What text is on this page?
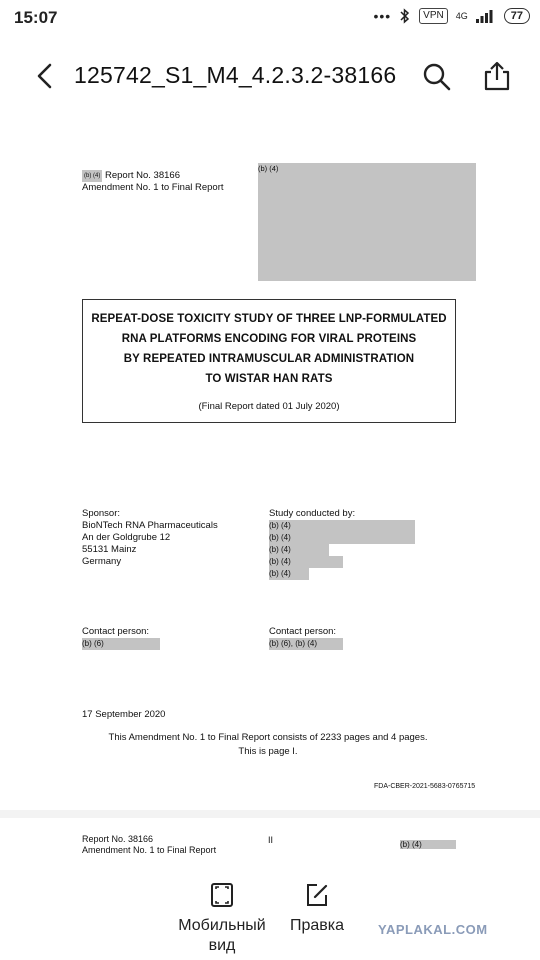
15:07	•••	VPN	4G	77
125742_S1_M4_4.2.3.2-38166
(b) (4) Report No. 38166
Amendment No. 1 to Final Report
(b) (4)
REPEAT-DOSE TOXICITY STUDY OF THREE LNP-FORMULATED
RNA PLATFORMS ENCODING FOR VIRAL PROTEINS
BY REPEATED INTRAMUSCULAR ADMINISTRATION
TO WISTAR HAN RATS
(Final Report dated 01 July 2020)
Sponsor:
BioNTech RNA Pharmaceuticals
An der Goldgrube 12
55131 Mainz
Germany
Study conducted by:
(b) (4)
(b) (4)
(b) (4)
(b) (4)
(b) (4)
Contact person:
(b) (6)
Contact person:
(b) (6), (b) (4)
17 September 2020
This Amendment No. 1 to Final Report consists of 2233 pages and 4 pages.
This is page I.
FDA-CBER-2021-5683-0765715
Report No. 38166
Amendment No. 1 to Final Report
II	(b) (4)
Мобильный
вид
Правка	YAPLAKAL.COM
